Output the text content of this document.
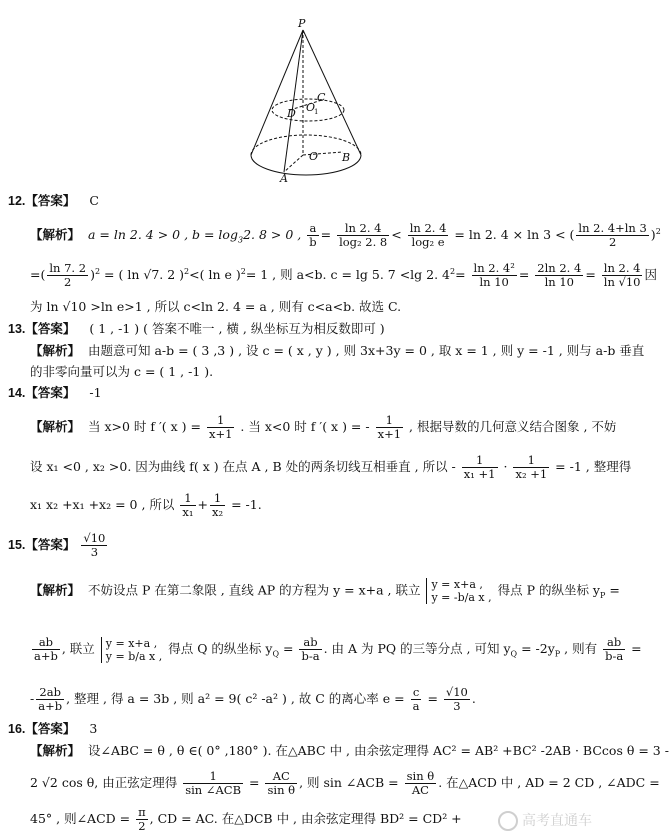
P
C
D O
1
O B
A
12.【答案】 C
【解析】 a = ln 2. 4 > 0 , $b = \log_32$. 8 > 0 , $\frac{a}{b} = \frac{\ln 2. 4}{\text{log₂ 2. 8}} < \frac{\ln 2. 4}{\text{log₂ e}} = \ln 2$. 4 × ln 3 < ( $\frac{\ln 2. 4+\ln 3}{2} )^2$
=( $\frac{\ln 7. 2}{2} )^2$ = ( ln √7. 2 )$^2$<( ln e )$^2$= 1 , 则 a<b. c = lg 5. 7 <lg 2. $4^2= \frac{\text{ln 2. 4²}}{\ln 10} = \frac{2\ln 2. 4}{\ln 10} = \frac{\ln 2. 4}{\ln √10}$ 因
为 ln √10 >ln e>1 , 所以 c<ln 2. 4 = a , 则有 c<a<b. 故选 C.
13.【答案】 ( 1 , -1 ) ( 答案不唯一 , 横 , 纵坐标互为相反数即可 )
【解析】 由题意可知 a-b = ( 3 ,3 ) , 设 c = ( x , y ) , 则 3x+3y = 0 , 取 x = 1 , 则 y = -1 , 则与 a-b 垂直
的非零向量可以为 c = ( 1 , -1 ).
14.【答案】 -1
【解析】 当 x>0 时 f ′( x ) = $\frac{1}{x+1}$ . 当 x<0 时 f ′( x ) = - $\frac{1}{x+1}$ , 根据导数的几何意义结合图象 , 不妨
设 x₁ <0 , x₂ >0. 因为曲线 f( x ) 在点 A , B 处的两条切线互相垂直 , 所以 - $\frac{1}{\text{x₁ +1}} \cdot \frac{1}{\text{x₂ +1}} = -1$ , 整理得
x₁ x₂ +x₁ +x₂ = 0 , 所以 $\frac{1}{\text{x₁}} + \frac{1}{\text{x₂}} = -1$.
15.【答案】 $\frac{√10}{3}$
【解析】 不妨设点 P 在第二象限 , 直线 AP 的方程为 y = x+a , 联立 y = x+a ,
y = -b/a x , 得点 P 的纵坐标 $y_P$ =
$\frac{ab}{a+b}$ , 联立 y = x+a ,
y = b/a x , 得点 Q 的纵坐标 $y_Q = \frac{ab}{b-a}$ . 由 A 为 PQ 的三等分点 , 可知 $y_Q = -2y_P$ , 则有 $\frac{ab}{b-a}$ =
- $\frac{2ab}{a+b}$ , 整理 , 得 a = 3b , 则 a² = 9( c² -a² ) , 故 C 的离心率 $e = \frac{c}{a} = \frac{√10}{3}$ .
16.【答案】 3
【解析】 设∠ABC = θ , θ ∈( 0° ,180° ). 在△ABC 中 , 由余弦定理得 AC² = AB² +BC² -2AB · BCcos θ = 3 -
2 √2 cos θ, 由正弦定理得 $\frac{1}{\text{sin ∠ACB}} = \frac{AC}{\text{sin θ}}$ , 则 sin ∠ACB = $\frac{\text{sin θ}}{AC}$ . 在△ACD 中 , AD = 2 CD , ∠ADC =
45° , 则∠ACD = $\frac{\pi}{2}$ , CD = AC. 在△DCB 中 , 由余弦定理得 BD² = CD² +	高考直通车
